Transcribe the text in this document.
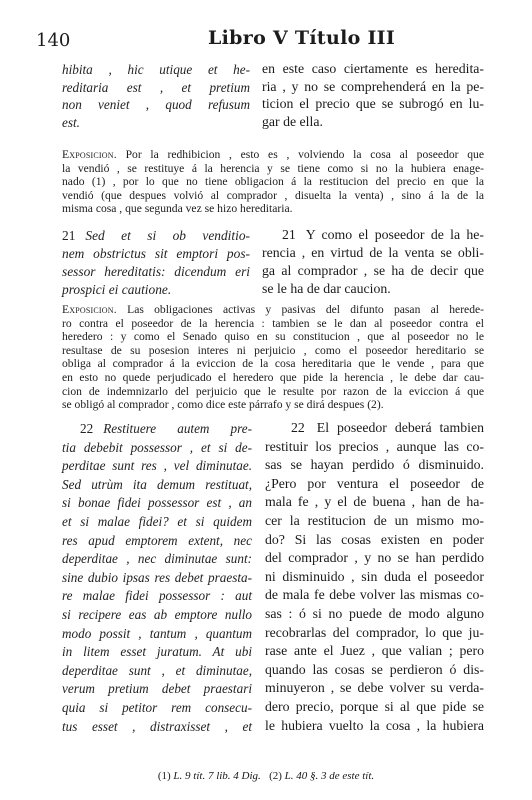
140	Libro V Título III
hibita , hic utique et he-
reditaria est , et pretium
non veniet , quod refusum
est.
en este caso ciertamente es heredita-
ria , y no se comprehenderá en la pe-
ticion el precio que se subrogó en lu-
gar de ella.
Exposicion. Por la redhibicion , esto es , volviendo la cosa al poseedor que
la vendió , se restituye á la herencia y se tiene como si no la hubiera enage-
nado (1) , por lo que no tiene obligacion á la restitucion del precio en que la
vendió (que despues volvió al comprador , disuelta la venta) , sino á la de la
misma cosa , que segunda vez se hizo hereditaria.
21 Sed et si ob venditio-
nem obstrictus sit emptori pos-
sessor hereditatis: dicendum eri
prospici ei cautione.
21 Y como el poseedor de la he-
rencia , en virtud de la venta se obli-
ga al comprador , se ha de decir que
se le ha de dar caucion.
Exposicion. Las obligaciones activas y pasivas del difunto pasan al herede-
ro contra el poseedor de la herencia : tambien se le dan al poseedor contra el
heredero : y como el Senado quiso en su constitucion , que al poseedor no le
resultase de su posesion interes ni perjuicio , como el poseedor hereditario se
obliga al comprador á la eviccion de la cosa hereditaria que le vende , para que
en esto no quede perjudicado el heredero que pide la herencia , le debe dar cau-
cion de indemnizarlo del perjuicio que le resulte por razon de la eviccion á que
se obligó al comprador , como dice este párrafo y se dirá despues (2).
22 Restituere autem pre-
tia debebit possessor , et si de-
perditae sunt res , vel diminutae.
Sed utrùm ita demum restituat,
si bonae fidei possessor est , an
et si malae fidei? et si quidem
res apud emptorem extent, nec
deperditae , nec diminutae sunt:
sine dubio ipsas res debet praesta-
re malae fidei possessor : aut
si recipere eas ab emptore nullo
modo possit , tantum , quantum
in litem esset juratum. At ubi
deperditae sunt , et diminutae,
verum pretium debet praestari
quia si petitor rem consecu-
tus esset , distraxisset , et
22 El poseedor deberá tambien
restituir los precios , aunque las co-
sas se hayan perdido ó disminuido.
¿Pero por ventura el poseedor de
mala fe , y el de buena , han de ha-
cer la restitucion de un mismo mo-
do? Si las cosas existen en poder
del comprador , y no se han perdido
ni disminuido , sin duda el poseedor
de mala fe debe volver las mismas co-
sas : ó si no puede de modo alguno
recobrarlas del comprador, lo que ju-
rase ante el Juez , que valian ; pero
quando las cosas se perdieron ó dis-
minuyeron , se debe volver su verda-
dero precio, porque si al que pide se
le hubiera vuelto la cosa , la hubiera
(1) L. 9 tít. 7 lib. 4 Dig. (2) L. 40 §. 3 de este tít.
